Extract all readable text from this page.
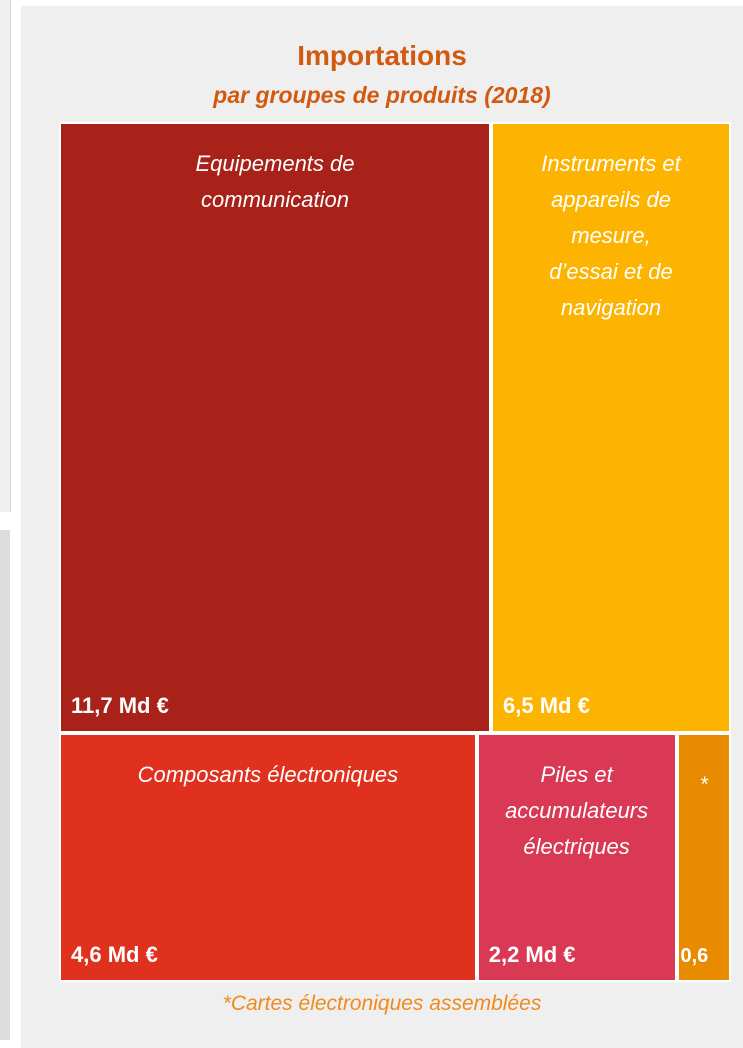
Importations
par groupes de produits (2018)
Equipements de
communication
11,7 Md €
Instruments et
appareils de
mesure,
d’essai et de
navigation
6,5 Md €
Composants électroniques
4,6 Md €
Piles et
accumulateurs
électriques
2,2 Md €
*
0,6
*Cartes électroniques assemblées
